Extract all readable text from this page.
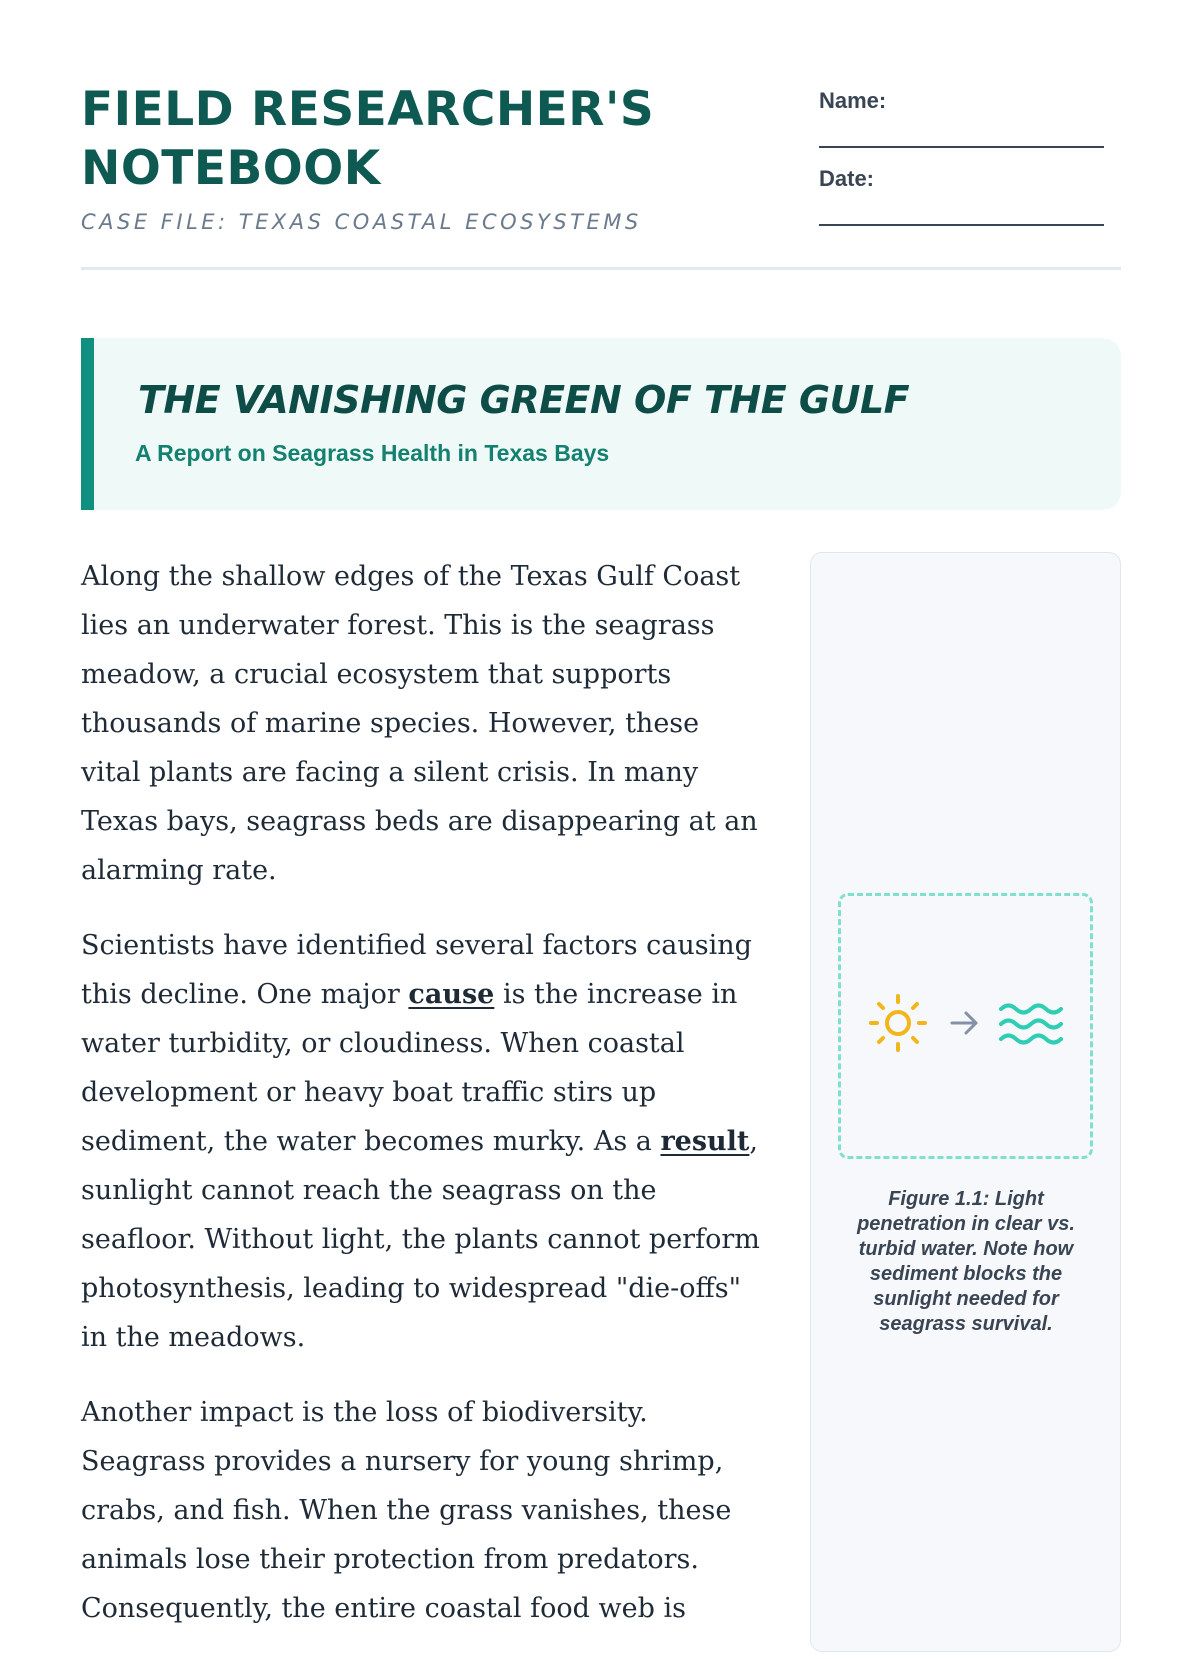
FIELD RESEARCHER'S
NOTEBOOK
CASE FILE: TEXAS COASTAL ECOSYSTEMS
Name:
Date:
THE VANISHING GREEN OF THE GULF
A Report on Seagrass Health in Texas Bays

Along the shallow edges of the Texas Gulf Coast lies an underwater forest. This is the seagrass meadow, a crucial ecosystem that supports thousands of marine species. However, these vital plants are facing a silent crisis. In many Texas bays, seagrass beds are disappearing at an alarming rate.

Scientists have identified several factors causing this decline. One major cause is the increase in water turbidity, or cloudiness. When coastal development or heavy boat traffic stirs up sediment, the water becomes murky. As a result, sunlight cannot reach the seagrass on the seafloor. Without light, the plants cannot perform photosynthesis, leading to widespread "die-offs" in the meadows.

Another impact is the loss of biodiversity. Seagrass provides a nursery for young shrimp, crabs, and fish. When the grass vanishes, these animals lose their protection from predators. Consequently, the entire coastal food web is

Figure 1.1: Light penetration in clear vs. turbid water. Note how sediment blocks the sunlight needed for seagrass survival.
